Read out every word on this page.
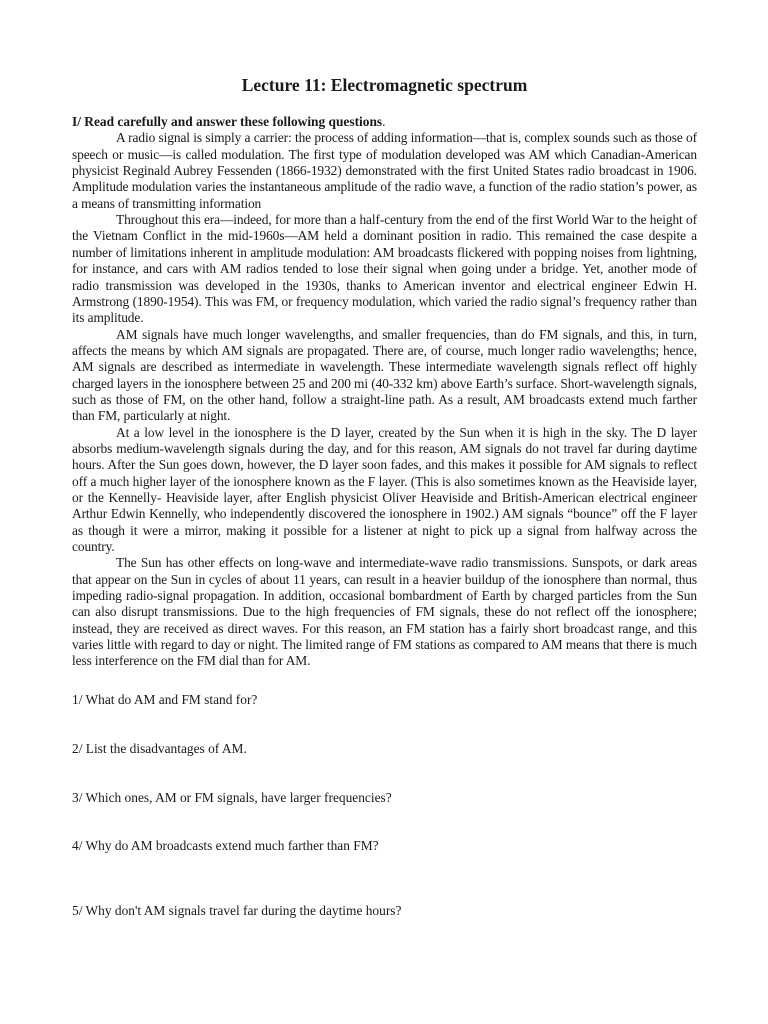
Lecture 11: Electromagnetic spectrum

I/ Read carefully and answer these following questions.

A radio signal is simply a carrier: the process of adding information—that is, complex sounds such as those of speech or music—is called modulation. The first type of modulation developed was AM which Canadian-American physicist Reginald Aubrey Fessenden (1866-1932) demonstrated with the first United States radio broadcast in 1906. Amplitude modulation varies the instantaneous amplitude of the radio wave, a function of the radio station’s power, as a means of transmitting information

Throughout this era—indeed, for more than a half-century from the end of the first World War to the height of the Vietnam Conflict in the mid-1960s—AM held a dominant position in radio. This remained the case despite a number of limitations inherent in amplitude modulation: AM broadcasts flickered with popping noises from lightning, for instance, and cars with AM radios tended to lose their signal when going under a bridge. Yet, another mode of radio transmission was developed in the 1930s, thanks to American inventor and electrical engineer Edwin H. Armstrong (1890-1954). This was FM, or frequency modulation, which varied the radio signal’s frequency rather than its amplitude.

AM signals have much longer wavelengths, and smaller frequencies, than do FM signals, and this, in turn, affects the means by which AM signals are propagated. There are, of course, much longer radio wavelengths; hence, AM signals are described as intermediate in wavelength. These intermediate wavelength signals reflect off highly charged layers in the ionosphere between 25 and 200 mi (40-332 km) above Earth’s surface. Short-wavelength signals, such as those of FM, on the other hand, follow a straight-line path. As a result, AM broadcasts extend much farther than FM, particularly at night.

At a low level in the ionosphere is the D layer, created by the Sun when it is high in the sky. The D layer absorbs medium-wavelength signals during the day, and for this reason, AM signals do not travel far during daytime hours. After the Sun goes down, however, the D layer soon fades, and this makes it possible for AM signals to reflect off a much higher layer of the ionosphere known as the F layer. (This is also sometimes known as the Heaviside layer, or the Kennelly- Heaviside layer, after English physicist Oliver Heaviside and British-American electrical engineer Arthur Edwin Kennelly, who independently discovered the ionosphere in 1902.) AM signals “bounce” off the F layer as though it were a mirror, making it possible for a listener at night to pick up a signal from halfway across the country.

The Sun has other effects on long-wave and intermediate-wave radio transmissions. Sunspots, or dark areas that appear on the Sun in cycles of about 11 years, can result in a heavier buildup of the ionosphere than normal, thus impeding radio-signal propagation. In addition, occasional bombardment of Earth by charged particles from the Sun can also disrupt transmissions. Due to the high frequencies of FM signals, these do not reflect off the ionosphere; instead, they are received as direct waves. For this reason, an FM station has a fairly short broadcast range, and this varies little with regard to day or night. The limited range of FM stations as compared to AM means that there is much less interference on the FM dial than for AM.

1/ What do AM and FM stand for?

2/ List the disadvantages of AM.

3/ Which ones, AM or FM signals, have larger frequencies?

4/ Why do AM broadcasts extend much farther than FM?

5/ Why don't AM signals travel far during the daytime hours?
